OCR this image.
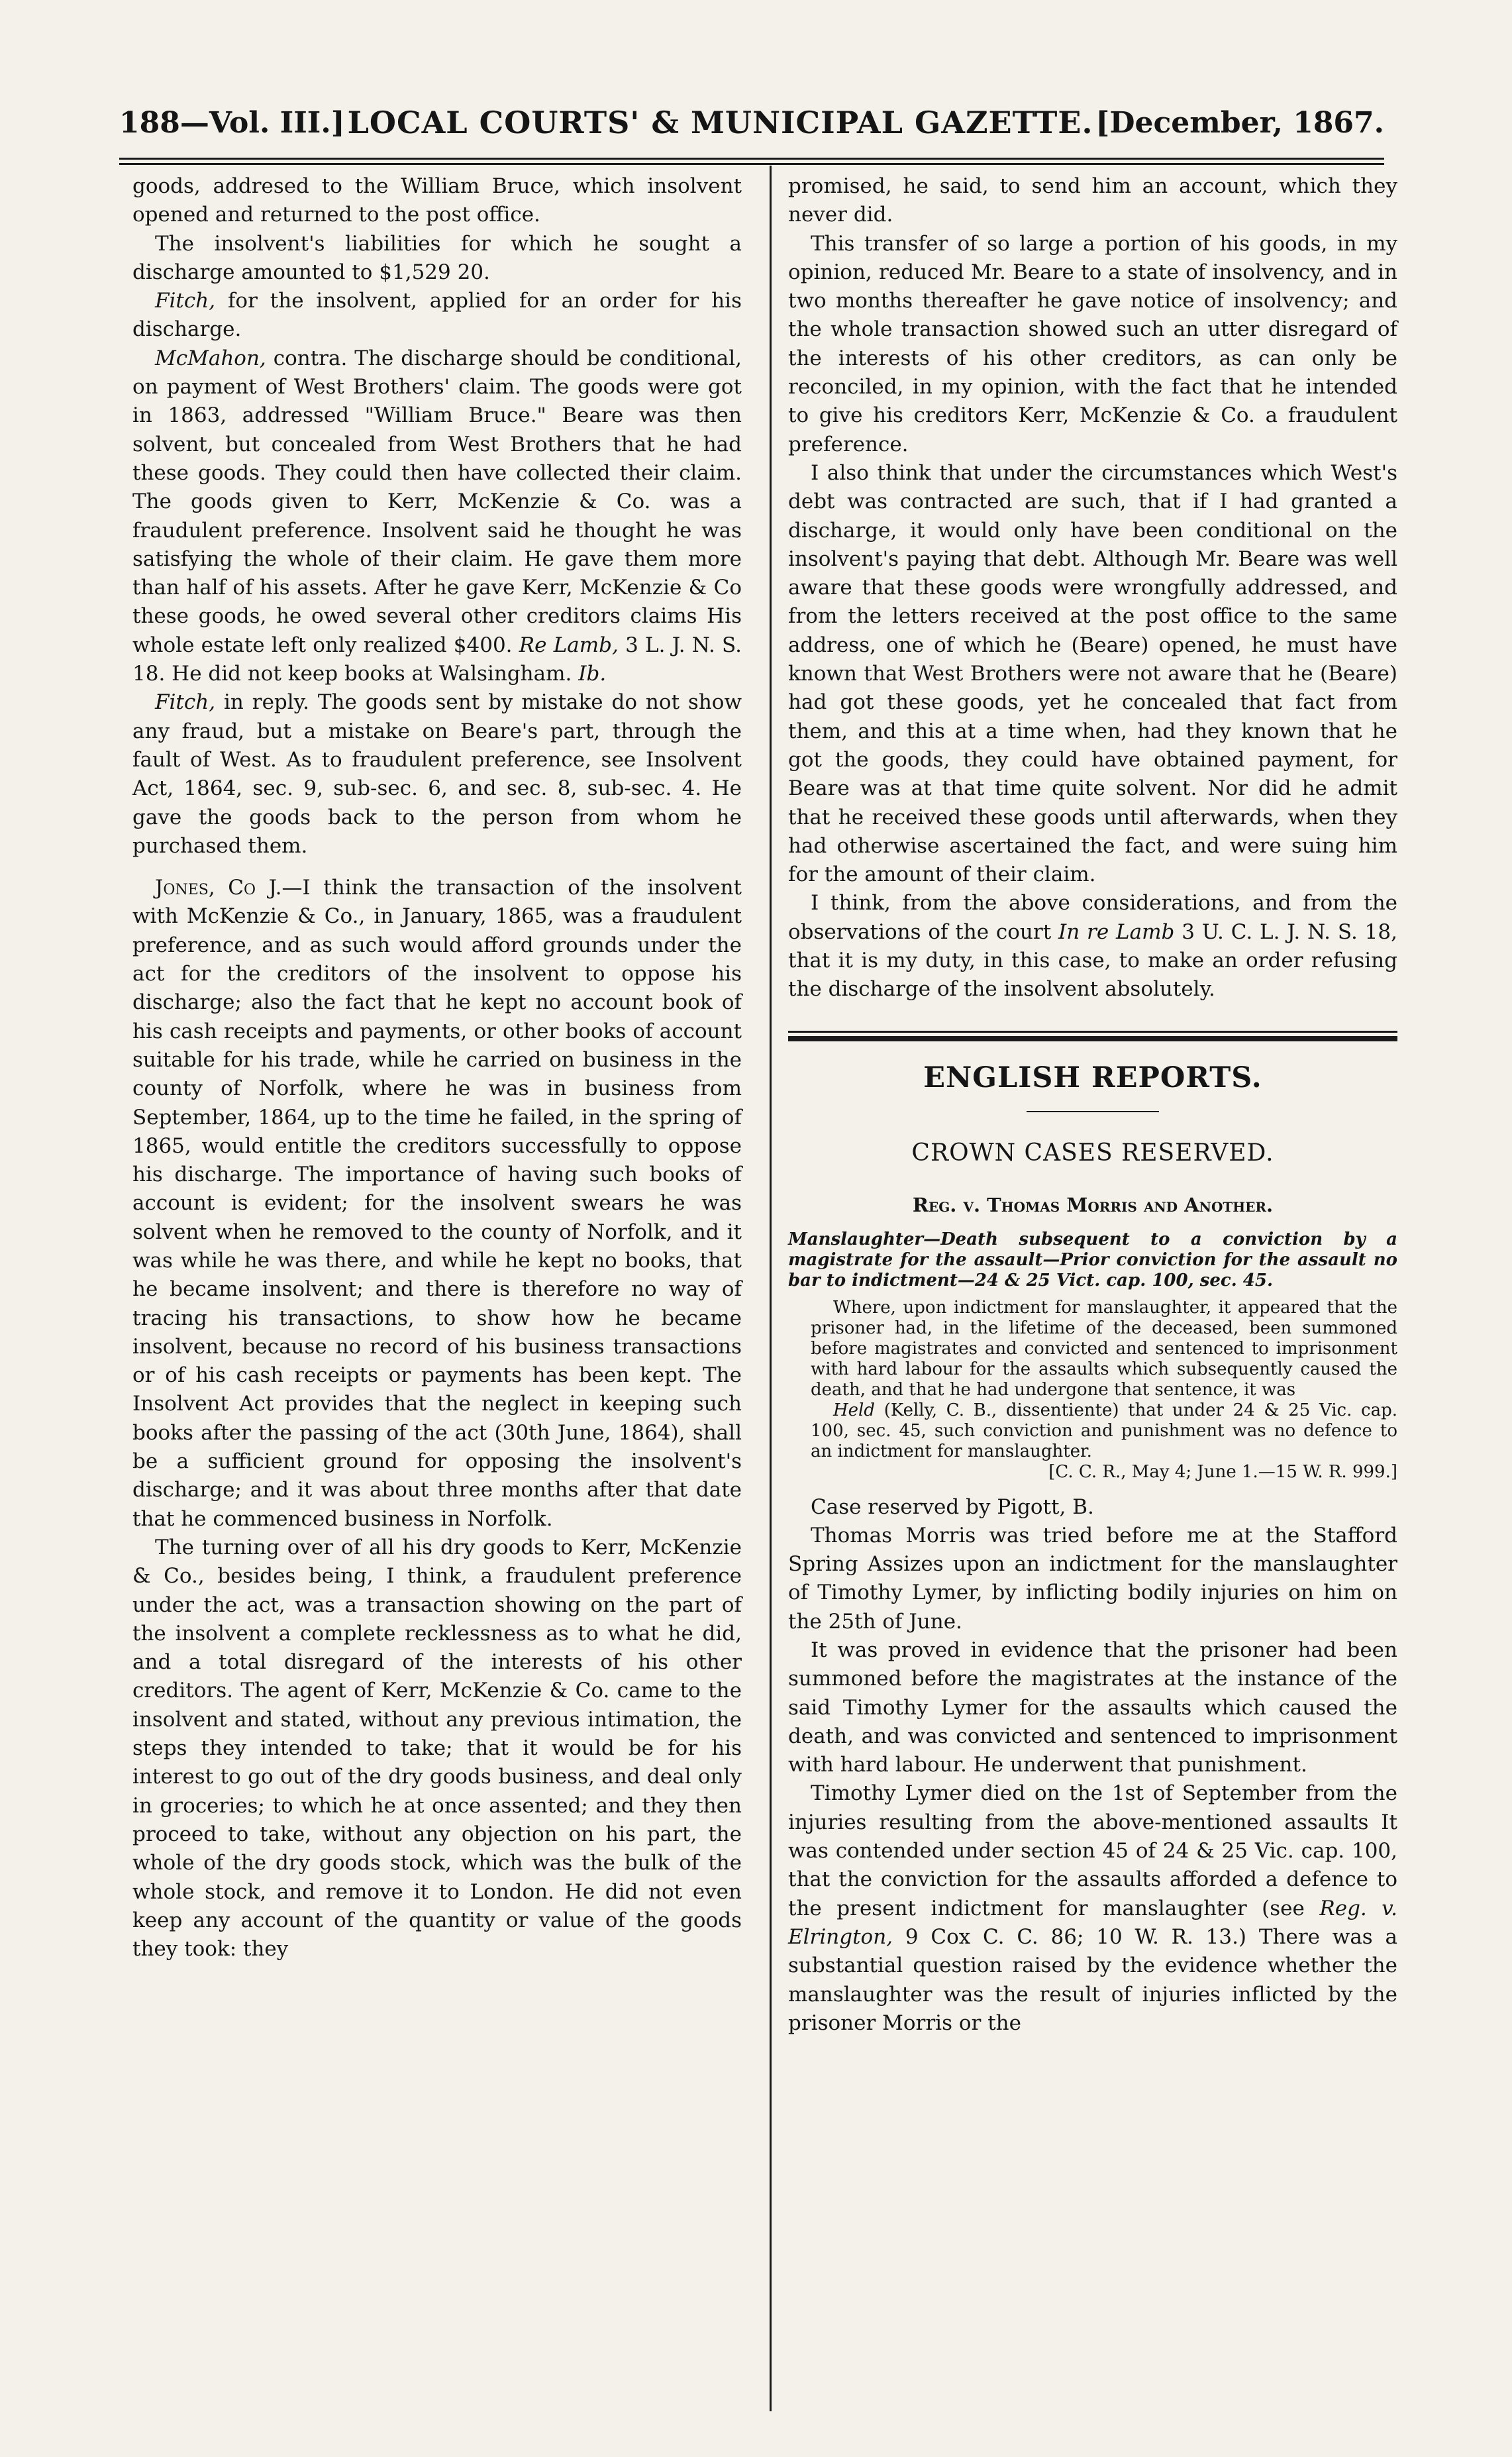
188—Vol. III.] LOCAL COURTS' & MUNICIPAL GAZETTE. [December, 1867.

goods, addresed to the William Bruce, which insolvent opened and returned to the post office.

The insolvent's liabilities for which he sought a discharge amounted to $1,529 20.

Fitch, for the insolvent, applied for an order for his discharge.

McMahon, contra. The discharge should be conditional, on payment of West Brothers' claim. The goods were got in 1863, addressed "William Bruce." Beare was then solvent, but concealed from West Brothers that he had these goods. They could then have collected their claim. The goods given to Kerr, McKenzie & Co. was a fraudulent preference. Insolvent said he thought he was satisfying the whole of their claim. He gave them more than half of his assets. After he gave Kerr, McKenzie & Co these goods, he owed several other creditors claims His whole estate left only realized $400. Re Lamb, 3 L. J. N. S. 18. He did not keep books at Walsingham. Ib.

Fitch, in reply. The goods sent by mistake do not show any fraud, but a mistake on Beare's part, through the fault of West. As to fraudulent preference, see Insolvent Act, 1864, sec. 9, sub-sec. 6, and sec. 8, sub-sec. 4. He gave the goods back to the person from whom he purchased them.

Jones, Co J.—I think the transaction of the insolvent with McKenzie & Co., in January, 1865, was a fraudulent preference, and as such would afford grounds under the act for the creditors of the insolvent to oppose his discharge; also the fact that he kept no account book of his cash receipts and payments, or other books of account suitable for his trade, while he carried on business in the county of Norfolk, where he was in business from September, 1864, up to the time he failed, in the spring of 1865, would entitle the creditors successfully to oppose his discharge. The importance of having such books of account is evident; for the insolvent swears he was solvent when he removed to the county of Norfolk, and it was while he was there, and while he kept no books, that he became insolvent; and there is therefore no way of tracing his transactions, to show how he became insolvent, because no record of his business transactions or of his cash receipts or payments has been kept. The Insolvent Act provides that the neglect in keeping such books after the passing of the act (30th June, 1864), shall be a sufficient ground for opposing the insolvent's discharge; and it was about three months after that date that he commenced business in Norfolk.

The turning over of all his dry goods to Kerr, McKenzie & Co., besides being, I think, a fraudulent preference under the act, was a transaction showing on the part of the insolvent a complete recklessness as to what he did, and a total disregard of the interests of his other creditors. The agent of Kerr, McKenzie & Co. came to the insolvent and stated, without any previous intimation, the steps they intended to take; that it would be for his interest to go out of the dry goods business, and deal only in groceries; to which he at once assented; and they then proceed to take, without any objection on his part, the whole of the dry goods stock, which was the bulk of the whole stock, and remove it to London. He did not even keep any account of the quantity or value of the goods they took: they

promised, he said, to send him an account, which they never did.

This transfer of so large a portion of his goods, in my opinion, reduced Mr. Beare to a state of insolvency, and in two months thereafter he gave notice of insolvency; and the whole transaction showed such an utter disregard of the interests of his other creditors, as can only be reconciled, in my opinion, with the fact that he intended to give his creditors Kerr, McKenzie & Co. a fraudulent preference.

I also think that under the circumstances which West's debt was contracted are such, that if I had granted a discharge, it would only have been conditional on the insolvent's paying that debt. Although Mr. Beare was well aware that these goods were wrongfully addressed, and from the letters received at the post office to the same address, one of which he (Beare) opened, he must have known that West Brothers were not aware that he (Beare) had got these goods, yet he concealed that fact from them, and this at a time when, had they known that he got the goods, they could have obtained payment, for Beare was at that time quite solvent. Nor did he admit that he received these goods until afterwards, when they had otherwise ascertained the fact, and were suing him for the amount of their claim.

I think, from the above considerations, and from the observations of the court In re Lamb 3 U. C. L. J. N. S. 18, that it is my duty, in this case, to make an order refusing the discharge of the insolvent absolutely.

ENGLISH REPORTS.
CROWN CASES RESERVED.
Reg. v. Thomas Morris and Another.
Manslaughter—Death subsequent to a conviction by a magistrate for the assault—Prior conviction for the assault no bar to indictment—24 & 25 Vict. cap. 100, sec. 45.

Where, upon indictment for manslaughter, it appeared that the prisoner had, in the lifetime of the deceased, been summoned before magistrates and convicted and sentenced to imprisonment with hard labour for the assaults which subsequently caused the death, and that he had undergone that sentence, it was

Held (Kelly, C. B., dissentiente) that under 24 & 25 Vic. cap. 100, sec. 45, such conviction and punishment was no defence to an indictment for manslaughter.

[C. C. R., May 4; June 1.—15 W. R. 999.]

Case reserved by Pigott, B.

Thomas Morris was tried before me at the Stafford Spring Assizes upon an indictment for the manslaughter of Timothy Lymer, by inflicting bodily injuries on him on the 25th of June.

It was proved in evidence that the prisoner had been summoned before the magistrates at the instance of the said Timothy Lymer for the assaults which caused the death, and was convicted and sentenced to imprisonment with hard labour. He underwent that punishment.

Timothy Lymer died on the 1st of September from the injuries resulting from the above-mentioned assaults It was contended under section 45 of 24 & 25 Vic. cap. 100, that the conviction for the assaults afforded a defence to the present indictment for manslaughter (see Reg. v. Elrington, 9 Cox C. C. 86; 10 W. R. 13.) There was a substantial question raised by the evidence whether the manslaughter was the result of injuries inflicted by the prisoner Morris or the
